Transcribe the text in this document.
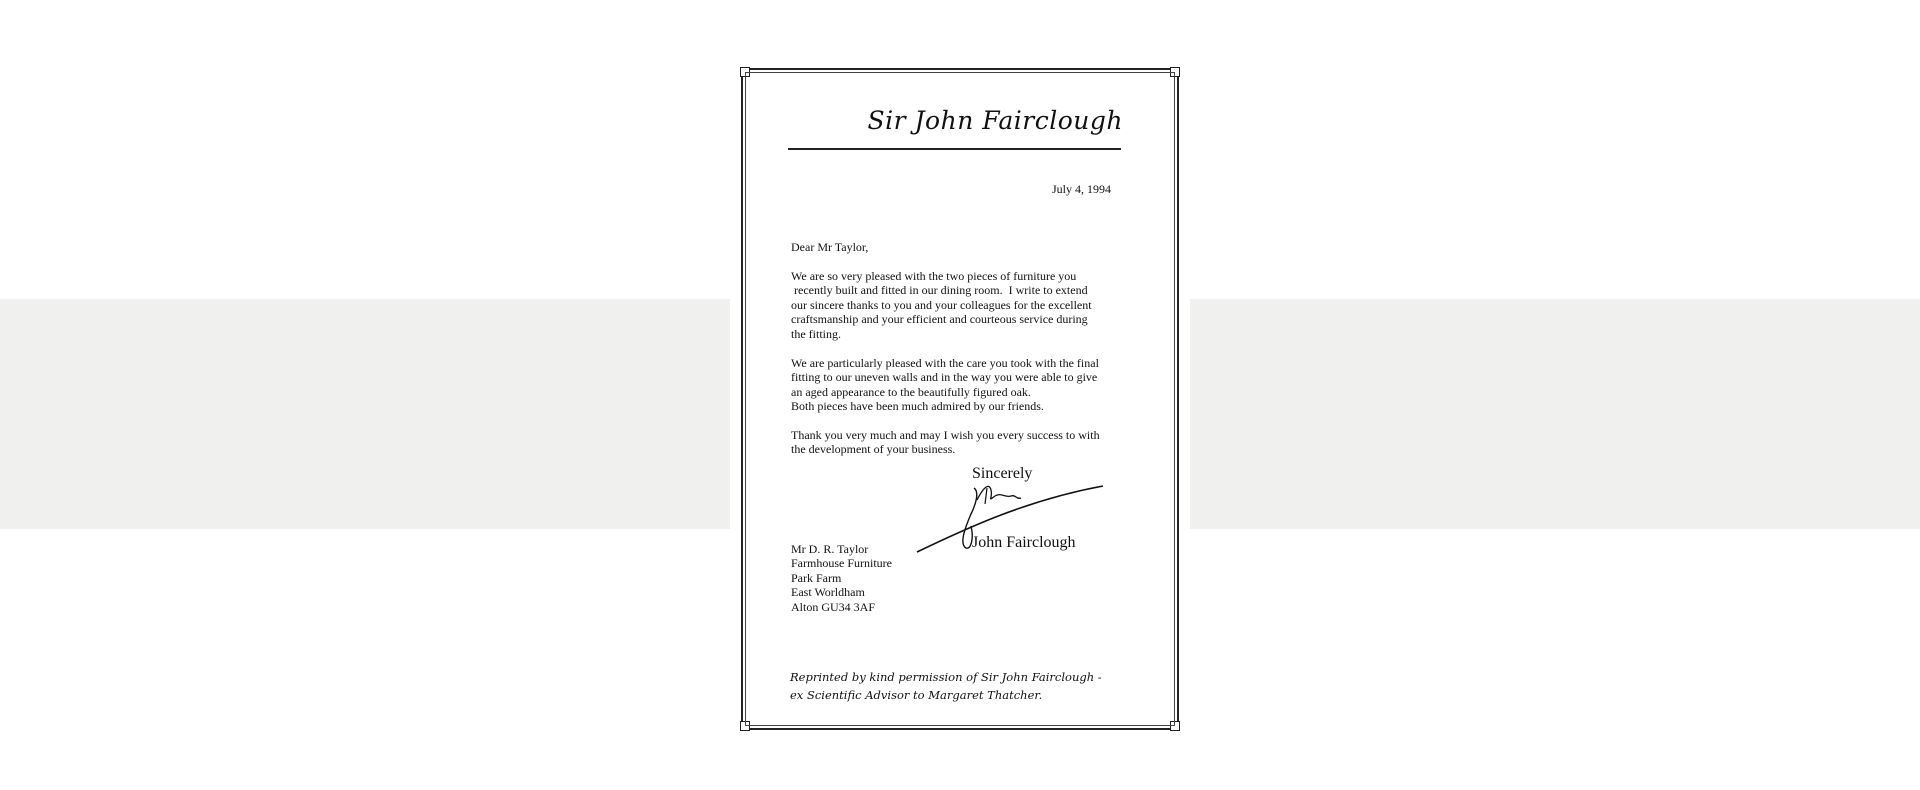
Sir John Fairclough
July 4, 1994
Dear Mr Taylor,
We are so very pleased with the two pieces of furniture you
recently built and fitted in our dining room.  I write to extend
our sincere thanks to you and your colleagues for the excellent
craftsmanship and your efficient and courteous service during
the fitting.
We are particularly pleased with the care you took with the final
fitting to our uneven walls and in the way you were able to give
an aged appearance to the beautifully figured oak.
Both pieces have been much admired by our friends.
Thank you very much and may I wish you every success to with
the development of your business.
Sincerely
John Fairclough
Mr D. R. Taylor
Farmhouse Furniture
Park Farm
East Worldham
Alton GU34 3AF
Reprinted by kind permission of Sir John Fairclough -
ex Scientific Advisor to Margaret Thatcher.
